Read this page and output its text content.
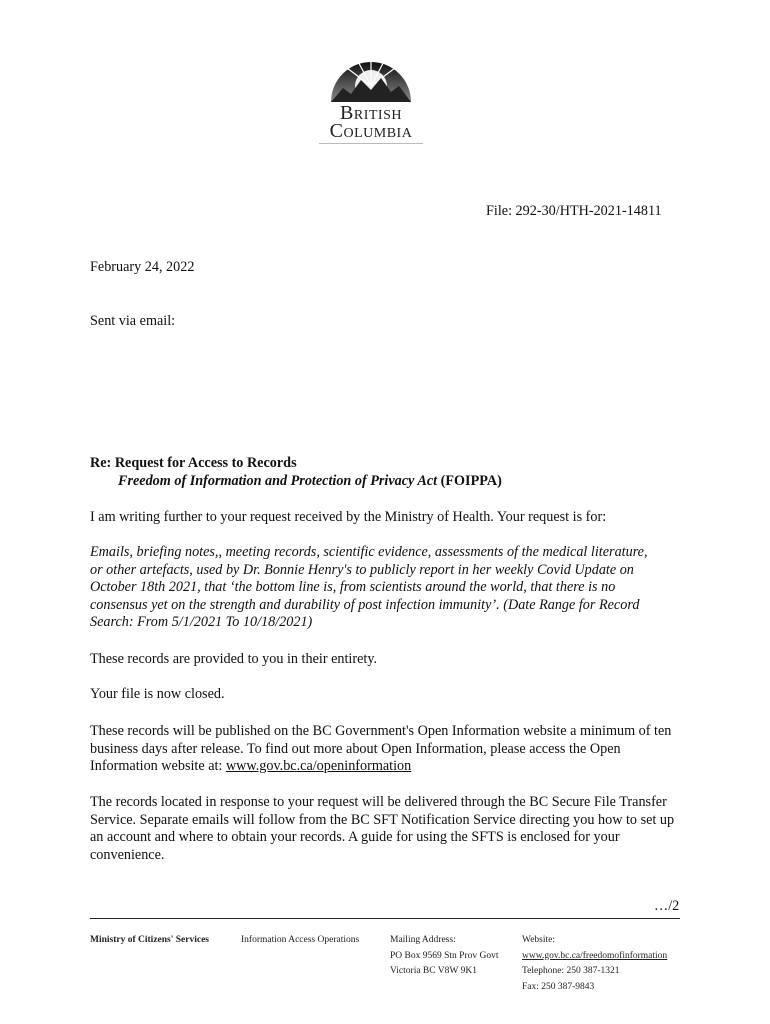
British
Columbia
File: 292-30/HTH-2021-14811

February 24, 2022

Sent via email:

Re: Request for Access to Records

Freedom of Information and Protection of Privacy Act (FOIPPA)

I am writing further to your request received by the Ministry of Health. Your request is for:

Emails, briefing notes,, meeting records, scientific evidence, assessments of the medical literature, or other artefacts, used by Dr. Bonnie Henry's to publicly report in her weekly Covid Update on October 18th 2021, that ‘the bottom line is, from scientists around the world, that there is no consensus yet on the strength and durability of post infection immunity’. (Date Range for Record Search: From 5/1/2021 To 10/18/2021)

These records are provided to you in their entirety.

Your file is now closed.

These records will be published on the BC Government's Open Information website a minimum of ten business days after release. To find out more about Open Information, please access the Open Information website at: www.gov.bc.ca/openinformation

The records located in response to your request will be delivered through the BC Secure File Transfer Service. Separate emails will follow from the BC SFT Notification Service directing you how to set up an account and where to obtain your records. A guide for using the SFTS is enclosed for your convenience.

…/2
Ministry of Citizens' Services	Information Access Operations	Mailing Address:
PO Box 9569 Stn Prov Govt
Victoria BC V8W 9K1
Website:
www.gov.bc.ca/freedomofinformation
Telephone: 250 387-1321
Fax: 250 387-9843
